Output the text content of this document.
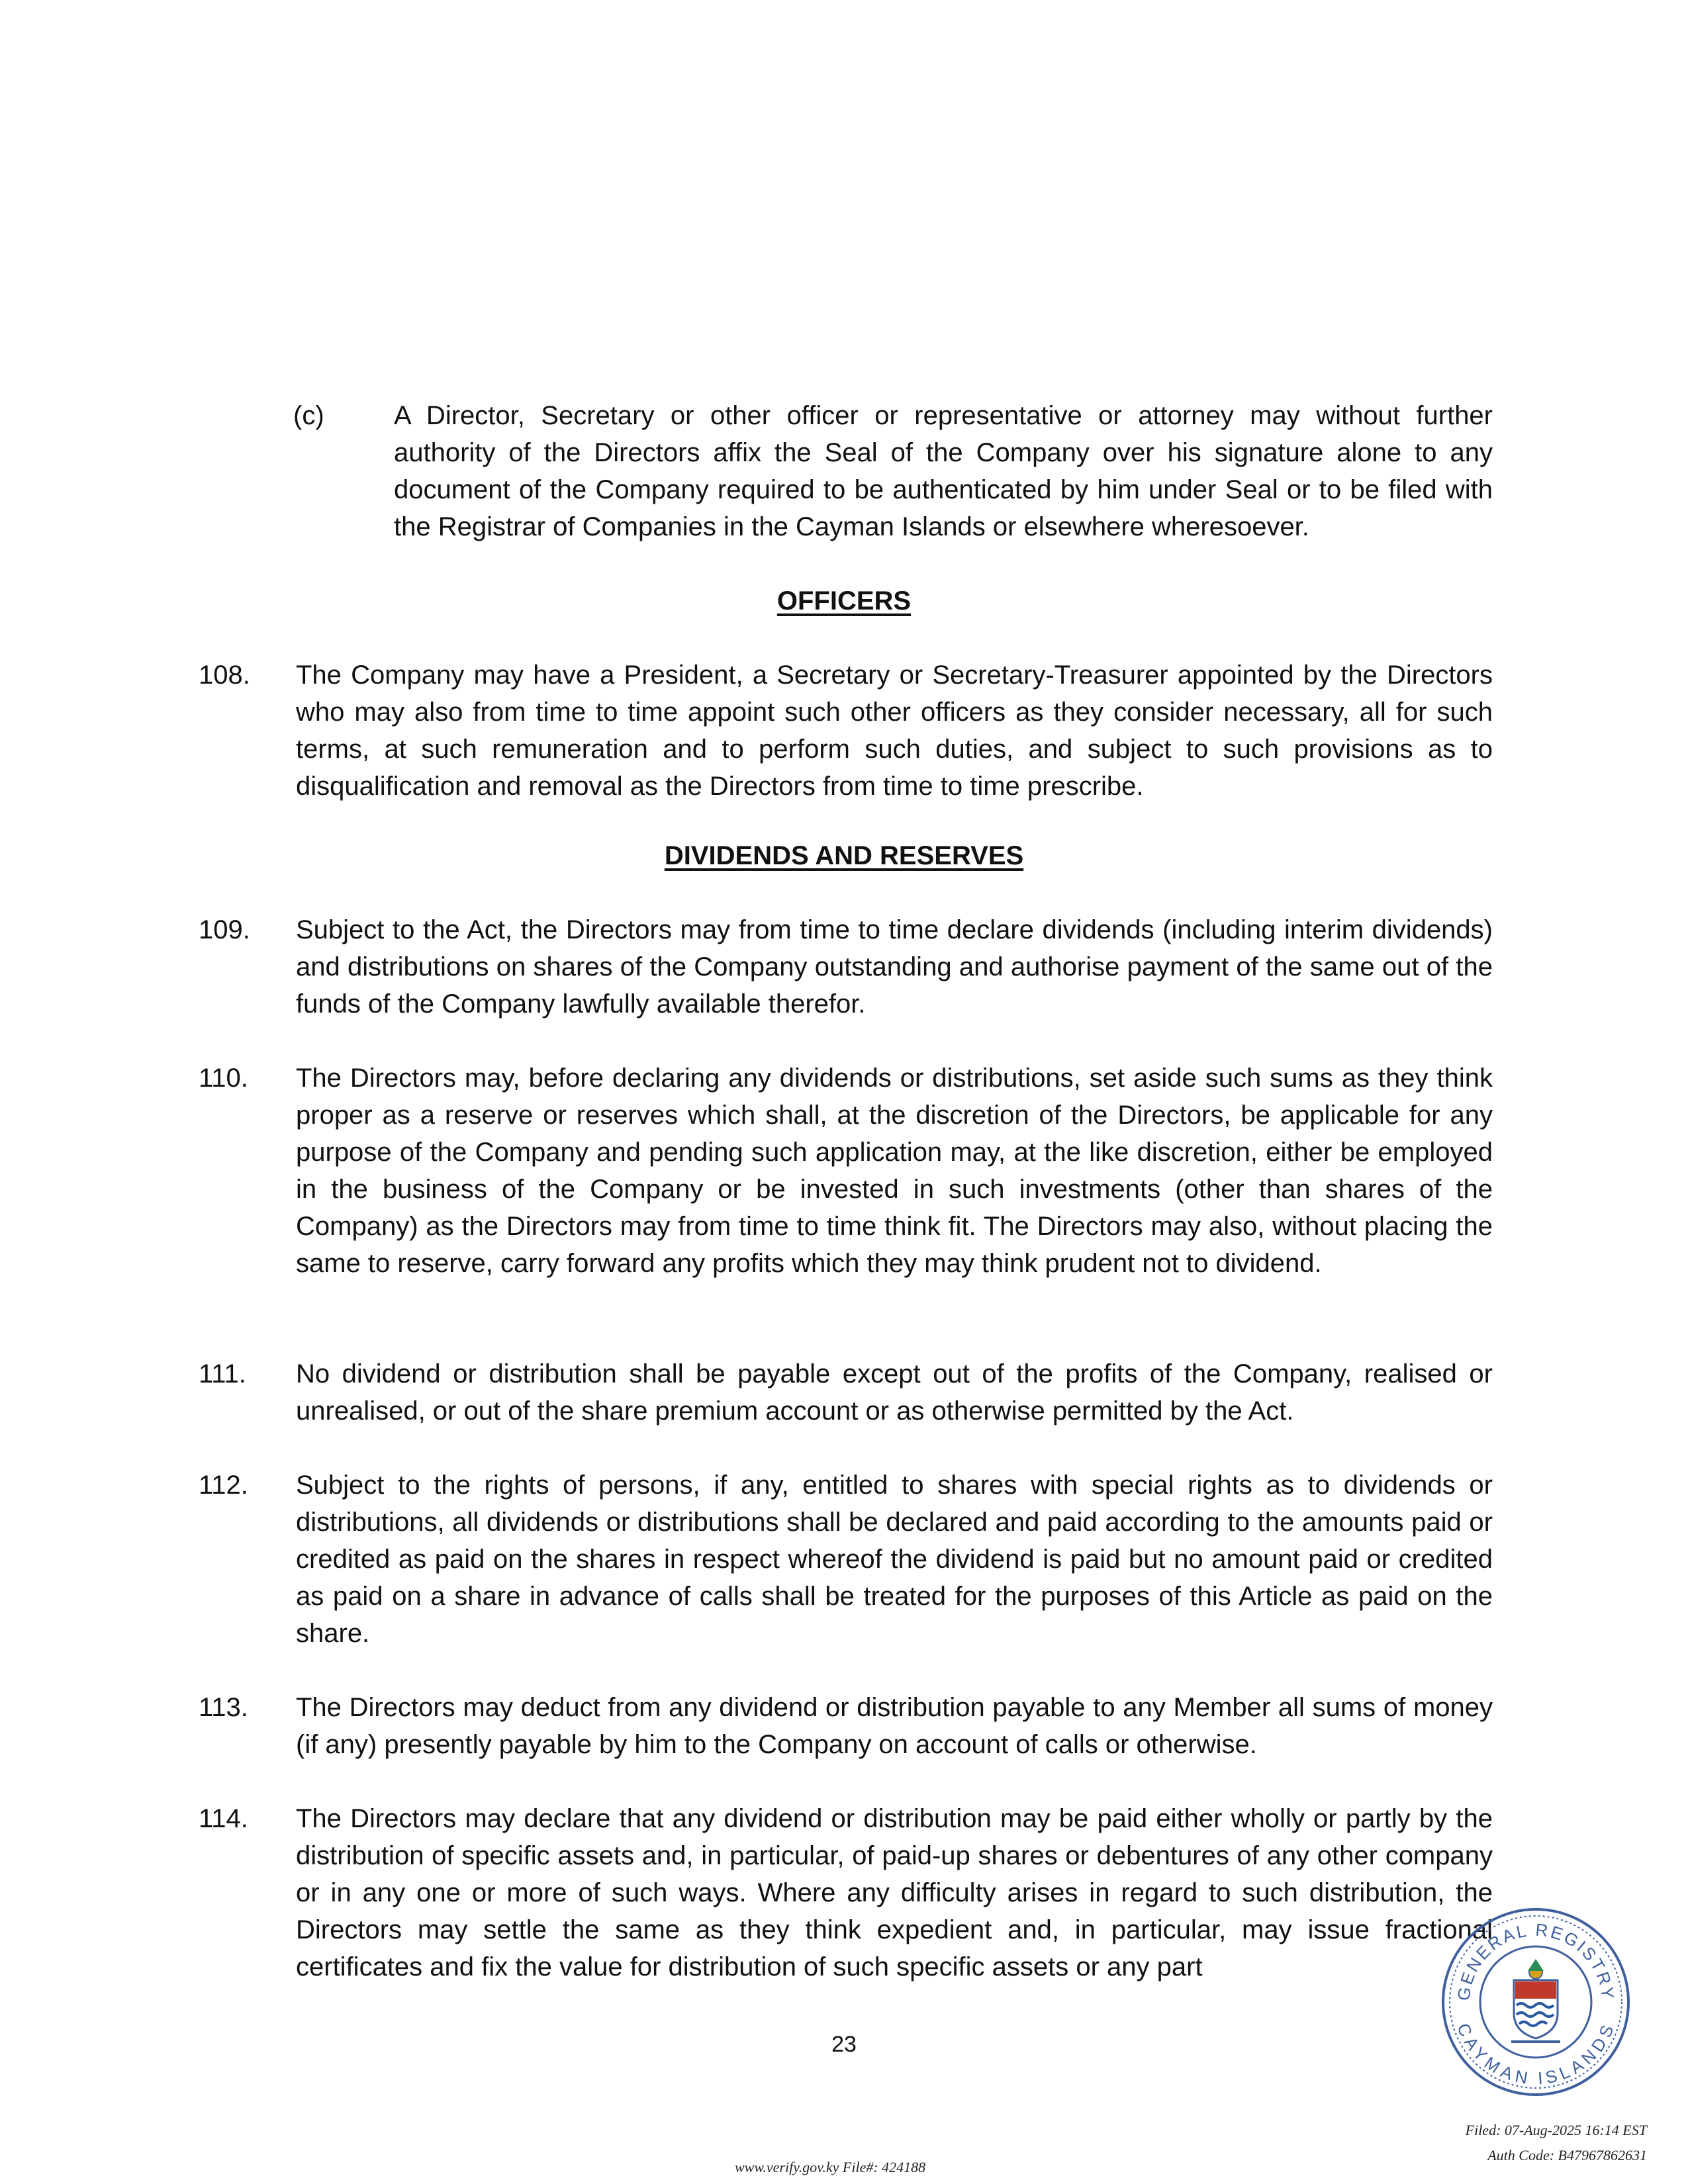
(c)	A Director, Secretary or other officer or representative or attorney may without further authority of the Directors affix the Seal of the Company over his signature alone to any document of the Company required to be authenticated by him under Seal or to be filed with the Registrar of Companies in the Cayman Islands or elsewhere wheresoever.
OFFICERS
108. The Company may have a President, a Secretary or Secretary-Treasurer appointed by the Directors who may also from time to time appoint such other officers as they consider necessary, all for such terms, at such remuneration and to perform such duties, and subject to such provisions as to disqualification and removal as the Directors from time to time prescribe.
DIVIDENDS AND RESERVES
109. Subject to the Act, the Directors may from time to time declare dividends (including interim dividends) and distributions on shares of the Company outstanding and authorise payment of the same out of the funds of the Company lawfully available therefor.
110. The Directors may, before declaring any dividends or distributions, set aside such sums as they think proper as a reserve or reserves which shall, at the discretion of the Directors, be applicable for any purpose of the Company and pending such application may, at the like discretion, either be employed in the business of the Company or be invested in such investments (other than shares of the Company) as the Directors may from time to time think fit. The Directors may also, without placing the same to reserve, carry forward any profits which they may think prudent not to dividend.
111. No dividend or distribution shall be payable except out of the profits of the Company, realised or unrealised, or out of the share premium account or as otherwise permitted by the Act.
112. Subject to the rights of persons, if any, entitled to shares with special rights as to dividends or distributions, all dividends or distributions shall be declared and paid according to the amounts paid or credited as paid on the shares in respect whereof the dividend is paid but no amount paid or credited as paid on a share in advance of calls shall be treated for the purposes of this Article as paid on the share.
113. The Directors may deduct from any dividend or distribution payable to any Member all sums of money (if any) presently payable by him to the Company on account of calls or otherwise.
114. The Directors may declare that any dividend or distribution may be paid either wholly or partly by the distribution of specific assets and, in particular, of paid-up shares or debentures of any other company or in any one or more of such ways. Where any difficulty arises in regard to such distribution, the Directors may settle the same as they think expedient and, in particular, may issue fractional certificates and fix the value for distribution of such specific assets or any part
23
GENERAL REGISTRY
CAYMAN ISLANDS
www.verify.gov.ky File#: 424188
Filed: 07-Aug-2025 16:14 EST
Auth Code: B47967862631
